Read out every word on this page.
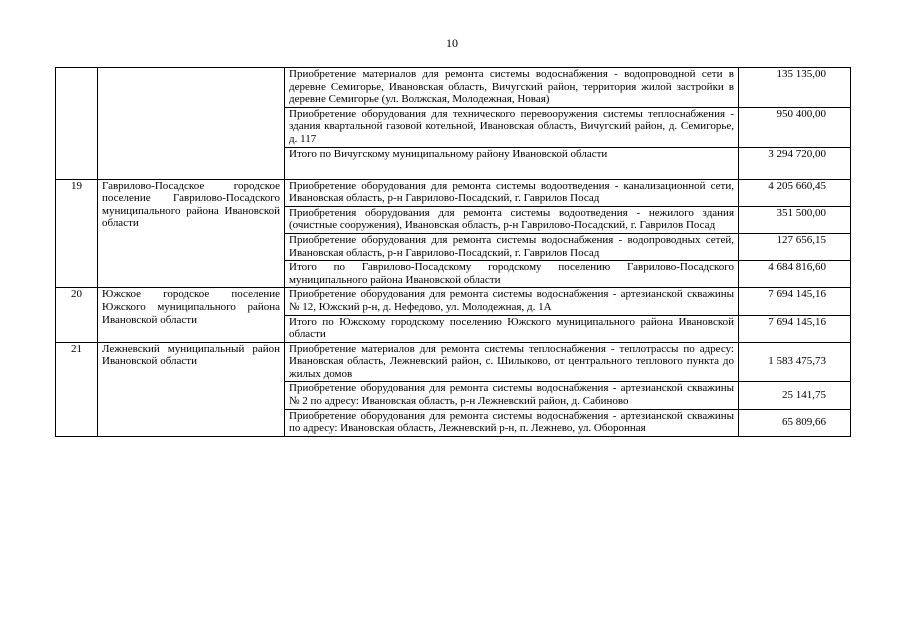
10
		Приобретение материалов для ремонта системы водоснабжения - водопроводной сети в деревне Семигорье, Ивановская область, Вичугский район, территория жилой застройки в деревне Семигорье (ул. Волжская, Молодежная, Новая)	135 135,00
		Приобретение оборудования для технического перевооружения системы теплоснабжения - здания квартальной газовой котельной, Ивановская область, Вичугский район, д. Семигорье, д. 117	950 400,00
		Итого по Вичугскому муниципальному району Ивановской области	3 294 720,00
19	Гаврилово-Посадское городское поселение Гаврилово-Посадского муниципального района Ивановской области	Приобретение оборудования для ремонта системы водоотведения - канализационной сети, Ивановская область, р-н Гаврилово-Посадский, г. Гаврилов Посад	4 205 660,45
		Приобретения оборудования для ремонта системы водоотведения - нежилого здания (очистные сооружения), Ивановская область, р-н Гаврилово-Посадский, г. Гаврилов Посад	351 500,00
		Приобретение оборудования для ремонта системы водоснабжения - водопроводных сетей, Ивановская область, р-н Гаврилово-Посадский, г. Гаврилов Посад	127 656,15
		Итого по Гаврилово-Посадскому городскому поселению Гаврилово-Посадского муниципального района Ивановской области	4 684 816,60
20	Южское городское поселение Южского муниципального района Ивановской области	Приобретение оборудования для ремонта системы водоснабжения - артезианской скважины № 12, Южский р-н, д. Нефедово, ул. Молодежная, д. 1А	7 694 145,16
		Итого по Южскому городскому поселению Южского муниципального района Ивановской области	7 694 145,16
21	Лежневский муниципальный район Ивановской области	Приобретение материалов для ремонта системы теплоснабжения - теплотрассы по адресу: Ивановская область, Лежневский район, с. Шилыково, от центрального теплового пункта до жилых домов	1 583 475,73
		Приобретение оборудования для ремонта системы водоснабжения - артезианской скважины № 2 по адресу: Ивановская область, р-н Лежневский район, д. Сабиново	25 141,75
		Приобретение оборудования для ремонта системы водоснабжения - артезианской скважины по адресу: Ивановская область, Лежневский р-н, п. Лежнево, ул. Оборонная	65 809,66
